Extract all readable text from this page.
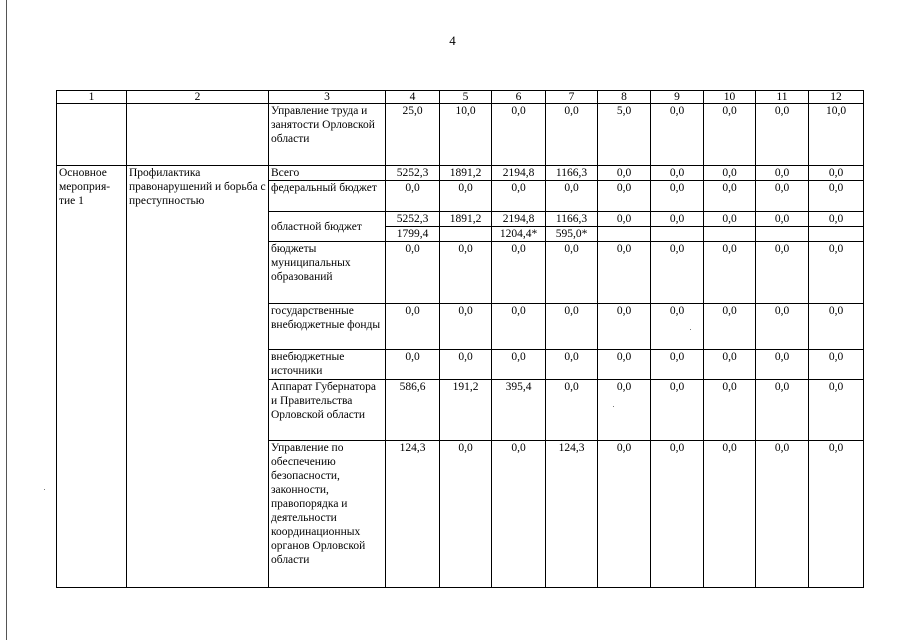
4
1	2	3	4	5	6	7	8	9	10	11	12
		Управление труда и занятости Орловской области	25,0	10,0	0,0	0,0	5,0	0,0	0,0	0,0	10,0
Основное мероприя-тие 1	Профилактика правонарушений и борьба с преступностью	Всего	5252,3	1891,2	2194,8	1166,3	0,0	0,0	0,0	0,0	0,0
		федеральный бюджет	0,0	0,0	0,0	0,0	0,0	0,0	0,0	0,0	0,0
		областной бюджет	5252,3	1891,2	2194,8	1166,3	0,0	0,0	0,0	0,0	0,0
			1799,4		1204,4*	595,0*					
		бюджеты муниципальных образований	0,0	0,0	0,0	0,0	0,0	0,0	0,0	0,0	0,0
		государственные внебюджетные фонды	0,0	0,0	0,0	0,0	0,0	0,0	0,0	0,0	0,0
		внебюджетные источники	0,0	0,0	0,0	0,0	0,0	0,0	0,0	0,0	0,0
		Аппарат Губернатора и Правительства Орловской области	586,6	191,2	395,4	0,0	0,0	0,0	0,0	0,0	0,0
		Управление по обеспечению безопасности, законности, правопорядка и деятельности координационных органов Орловской области	124,3	0,0	0,0	124,3	0,0	0,0	0,0	0,0	0,0
